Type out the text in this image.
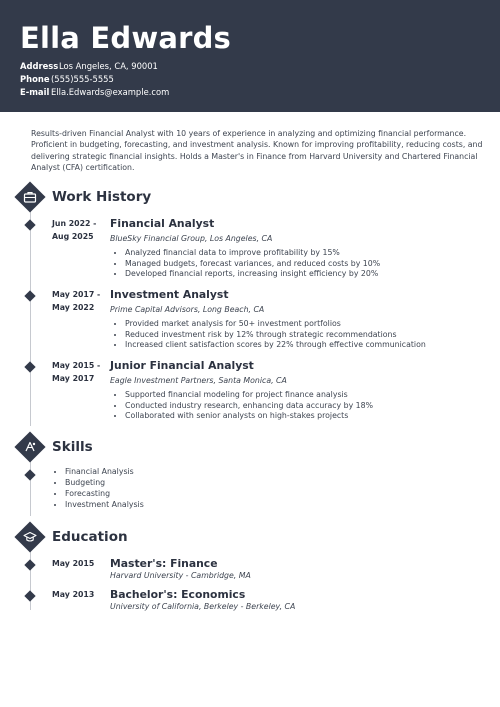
Ella Edwards
AddressLos Angeles, CA, 90001
Phone (555)555-5555
E-mail Ella.Edwards@example.com
Results-driven Financial Analyst with 10 years of experience in analyzing and optimizing financial performance. Proficient in budgeting, forecasting, and investment analysis. Known for improving profitability, reducing costs, and delivering strategic financial insights. Holds a Master's in Finance from Harvard University and Chartered Financial Analyst (CFA) certification.
Work History
Jun 2022 -
Aug 2025
Financial Analyst
BlueSky Financial Group, Los Angeles, CA
• Analyzed financial data to improve profitability by 15%
• Managed budgets, forecast variances, and reduced costs by 10%
• Developed financial reports, increasing insight efficiency by 20%
May 2017 -
May 2022
Investment Analyst
Prime Capital Advisors, Long Beach, CA
• Provided market analysis for 50+ investment portfolios
• Reduced investment risk by 12% through strategic recommendations
• Increased client satisfaction scores by 22% through effective communication
May 2015 -
May 2017
Junior Financial Analyst
Eagle Investment Partners, Santa Monica, CA
• Supported financial modeling for project finance analysis
• Conducted industry research, enhancing data accuracy by 18%
• Collaborated with senior analysts on high-stakes projects
Skills
• Financial Analysis
• Budgeting
• Forecasting
• Investment Analysis
Education
May 2015	Master's: Finance
Harvard University - Cambridge, MA
May 2013	Bachelor's: Economics
University of California, Berkeley - Berkeley, CA
